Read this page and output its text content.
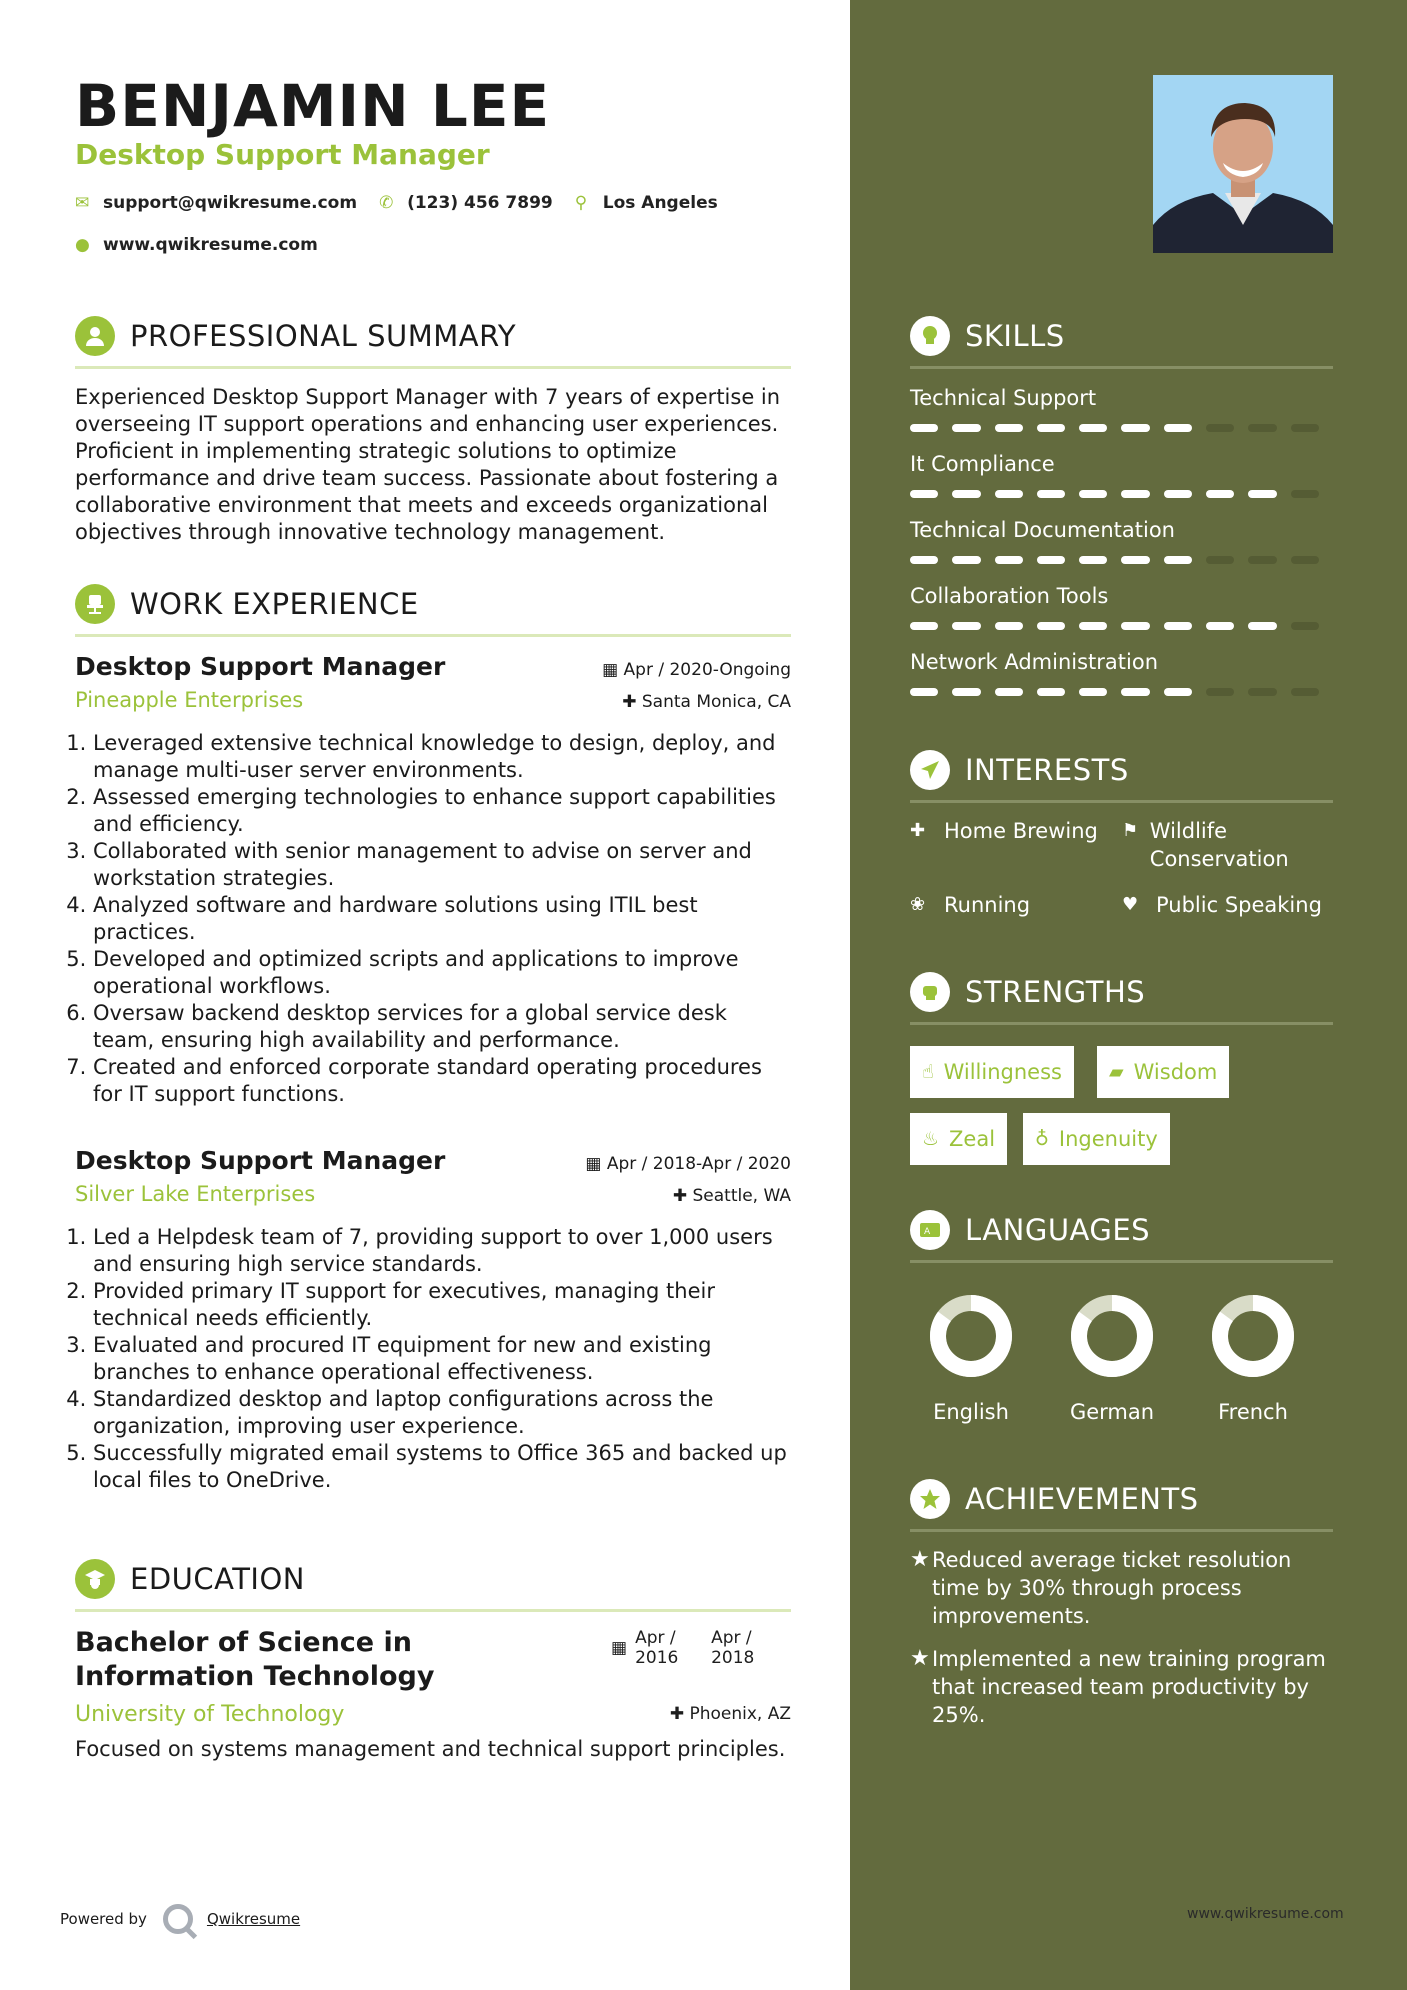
BENJAMIN LEE
Desktop Support Manager
✉ support@qwikresume.com ✆ (123) 456 7899 ⚲ Los Angeles
● www.qwikresume.com
PROFESSIONAL SUMMARY
Experienced Desktop Support Manager with 7 years of expertise in overseeing IT support operations and enhancing user experiences. Proficient in implementing strategic solutions to optimize performance and drive team success. Passionate about fostering a collaborative environment that meets and exceeds organizational objectives through innovative technology management.
WORK EXPERIENCE
Desktop Support Manager	▦ Apr / 2020-Ongoing
Pineapple Enterprises	✚ Santa Monica, CA
1. Leveraged extensive technical knowledge to design, deploy, and manage multi-user server environments.
2. Assessed emerging technologies to enhance support capabilities and efficiency.
3. Collaborated with senior management to advise on server and workstation strategies.
4. Analyzed software and hardware solutions using ITIL best practices.
5. Developed and optimized scripts and applications to improve operational workflows.
6. Oversaw backend desktop services for a global service desk team, ensuring high availability and performance.
7. Created and enforced corporate standard operating procedures for IT support functions.
Desktop Support Manager	▦ Apr / 2018-Apr / 2020
Silver Lake Enterprises	✚ Seattle, WA
1. Led a Helpdesk team of 7, providing support to over 1,000 users and ensuring high service standards.
2. Provided primary IT support for executives, managing their technical needs efficiently.
3. Evaluated and procured IT equipment for new and existing branches to enhance operational effectiveness.
4. Standardized desktop and laptop configurations across the organization, improving user experience.
5. Successfully migrated email systems to Office 365 and backed up local files to OneDrive.
EDUCATION
Bachelor of Science in Information Technology
▦ Apr / 2016
Apr / 2018
University of Technology	✚ Phoenix, AZ
Focused on systems management and technical support principles.
Powered by	Qwikresume	www.qwikresume.com
SKILLS
Technical Support
It Compliance
Technical Documentation
Collaboration Tools
Network Administration
INTERESTS
✚ Home Brewing ⚑ Wildlife Conservation
❀ Running	♥ Public Speaking
STRENGTHS
☝ Willingness ▰ Wisdom
♨ Zeal ♁ Ingenuity
A LANGUAGES
English	German	French
ACHIEVEMENTS
★ Reduced average ticket resolution time by 30% through process improvements.
★ Implemented a new training program that increased team productivity by 25%.
